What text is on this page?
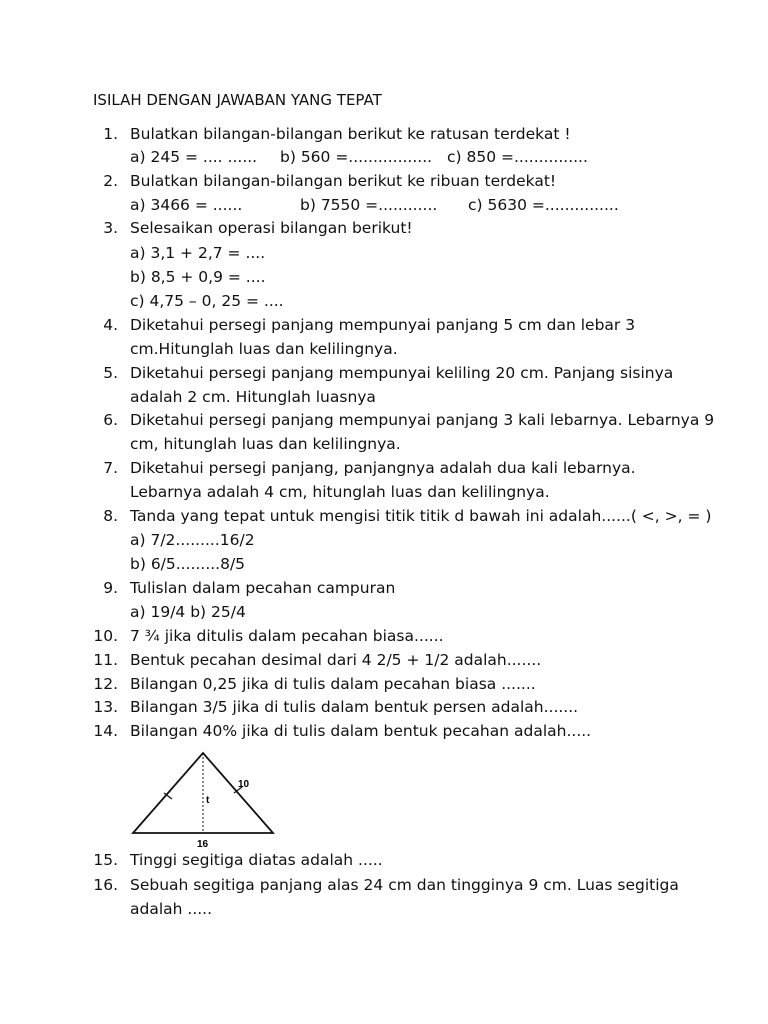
ISILAH DENGAN JAWABAN YANG TEPAT
1. Bulatkan bilangan-bilangan berikut ke ratusan terdekat !
a) 245 = .... ...... b) 560 =................. c) 850 =...............
2. Bulatkan bilangan-bilangan berikut ke ribuan terdekat!
a) 3466 = ......	b) 7550 =............ c) 5630 =...............
3. Selesaikan operasi bilangan berikut!
a) 3,1 + 2,7 = ....
b) 8,5 + 0,9 = ....
c) 4,75 – 0, 25 = ....
4. Diketahui persegi panjang mempunyai panjang 5 cm dan lebar 3
cm.Hitunglah luas dan kelilingnya.
5. Diketahui persegi panjang mempunyai keliling 20 cm. Panjang sisinya
adalah 2 cm. Hitunglah luasnya
6. Diketahui persegi panjang mempunyai panjang 3 kali lebarnya. Lebarnya 9
cm, hitunglah luas dan kelilingnya.
7. Diketahui persegi panjang, panjangnya adalah dua kali lebarnya.
Lebarnya adalah 4 cm, hitunglah luas dan kelilingnya.
8. Tanda yang tepat untuk mengisi titik titik d bawah ini adalah......( <, >, = )
a) 7/2.........16/2
b) 6/5.........8/5
9. Tulislan dalam pecahan campuran
a) 19/4 b) 25/4
10. 7 ¾ jika ditulis dalam pecahan biasa......
11. Bentuk pecahan desimal dari 4 2/5 + 1/2 adalah.......
12. Bilangan 0,25 jika di tulis dalam pecahan biasa .......
13. Bilangan 3/5 jika di tulis dalam bentuk persen adalah.......
14. Bilangan 40% jika di tulis dalam bentuk pecahan adalah.....
10
t
16
15. Tinggi segitiga diatas adalah .....
16. Sebuah segitiga panjang alas 24 cm dan tingginya 9 cm. Luas segitiga
adalah .....
